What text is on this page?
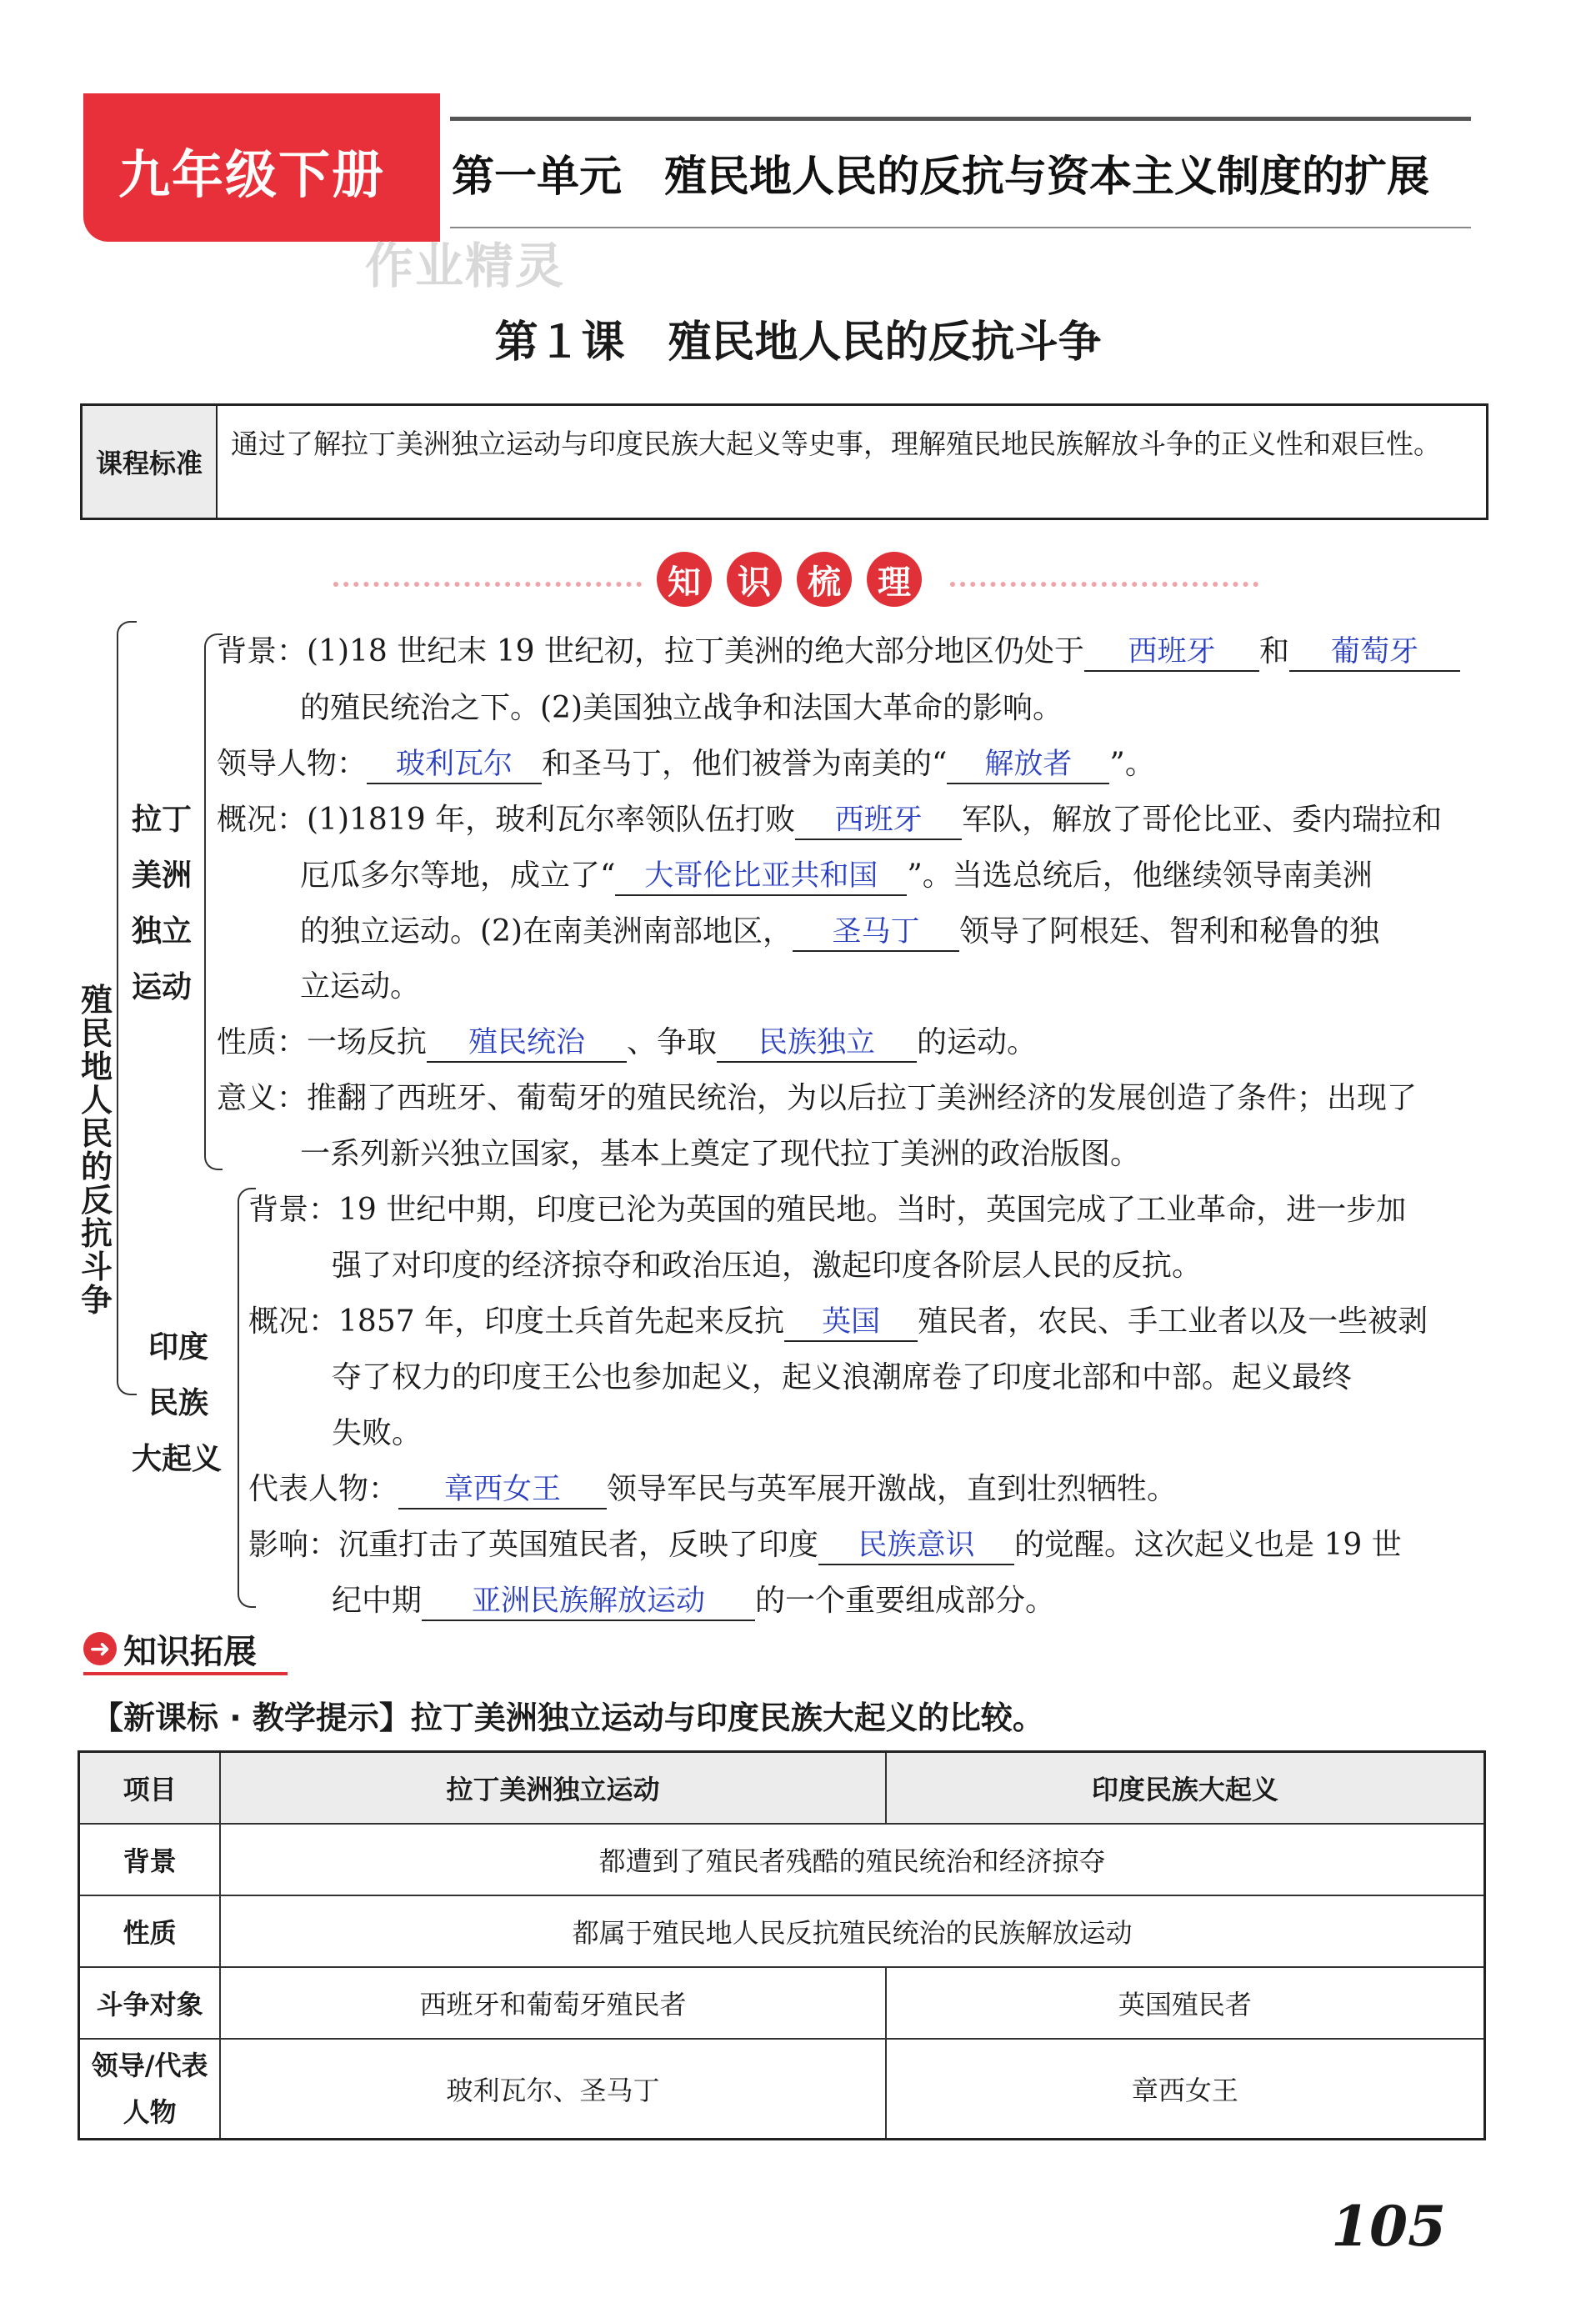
九年级下册 第一单元　殖民地人民的反抗与资本主义制度的扩展
作业精灵
第１课　殖民地人民的反抗斗争
课程标准
通过了解拉丁美洲独立运动与印度民族大起义等史事，理解殖民地民族解放斗争的正义性和艰巨性。
知	识	梳	理
殖民地人民的反抗斗争
拉丁
美洲
独立
运动
背景：(1)18 世纪末 19 世纪初，拉丁美洲的绝大部分地区仍处于 西班牙 和 葡萄牙
的殖民统治之下。(2)美国独立战争和法国大革命的影响。
领导人物： 玻利瓦尔 和圣马丁，他们被誉为南美的“ 解放者 ”。
概况：(1)1819 年，玻利瓦尔率领队伍打败 西班牙 军队，解放了哥伦比亚、委内瑞拉和
厄瓜多尔等地，成立了“ 大哥伦比亚共和国 ”。当选总统后，他继续领导南美洲
的独立运动。(2)在南美洲南部地区， 圣马丁 领导了阿根廷、智利和秘鲁的独
立运动。
性质：一场反抗 殖民统治 、争取 民族独立 的运动。
意义：推翻了西班牙、葡萄牙的殖民统治，为以后拉丁美洲经济的发展创造了条件；出现了
一系列新兴独立国家，基本上奠定了现代拉丁美洲的政治版图。
印度
民族
大起义
背景：19 世纪中期，印度已沦为英国的殖民地。当时，英国完成了工业革命，进一步加
强了对印度的经济掠夺和政治压迫，激起印度各阶层人民的反抗。
概况：1857 年，印度土兵首先起来反抗 英国 殖民者，农民、手工业者以及一些被剥
夺了权力的印度王公也参加起义，起义浪潮席卷了印度北部和中部。起义最终
失败。
代表人物： 章西女王 领导军民与英军展开激战，直到壮烈牺牲。
影响：沉重打击了英国殖民者，反映了印度 民族意识 的觉醒。这次起义也是 19 世
纪中期 亚洲民族解放运动 的一个重要组成部分。
➜ 知识拓展
【新课标 · 教学提示】拉丁美洲独立运动与印度民族大起义的比较。
项目	拉丁美洲独立运动	印度民族大起义
背景	都遭到了殖民者残酷的殖民统治和经济掠夺	
性质	都属于殖民地人民反抗殖民统治的民族解放运动	
斗争对象	西班牙和葡萄牙殖民者	英国殖民者
领导/代表人物	玻利瓦尔、圣马丁	章西女王
105
